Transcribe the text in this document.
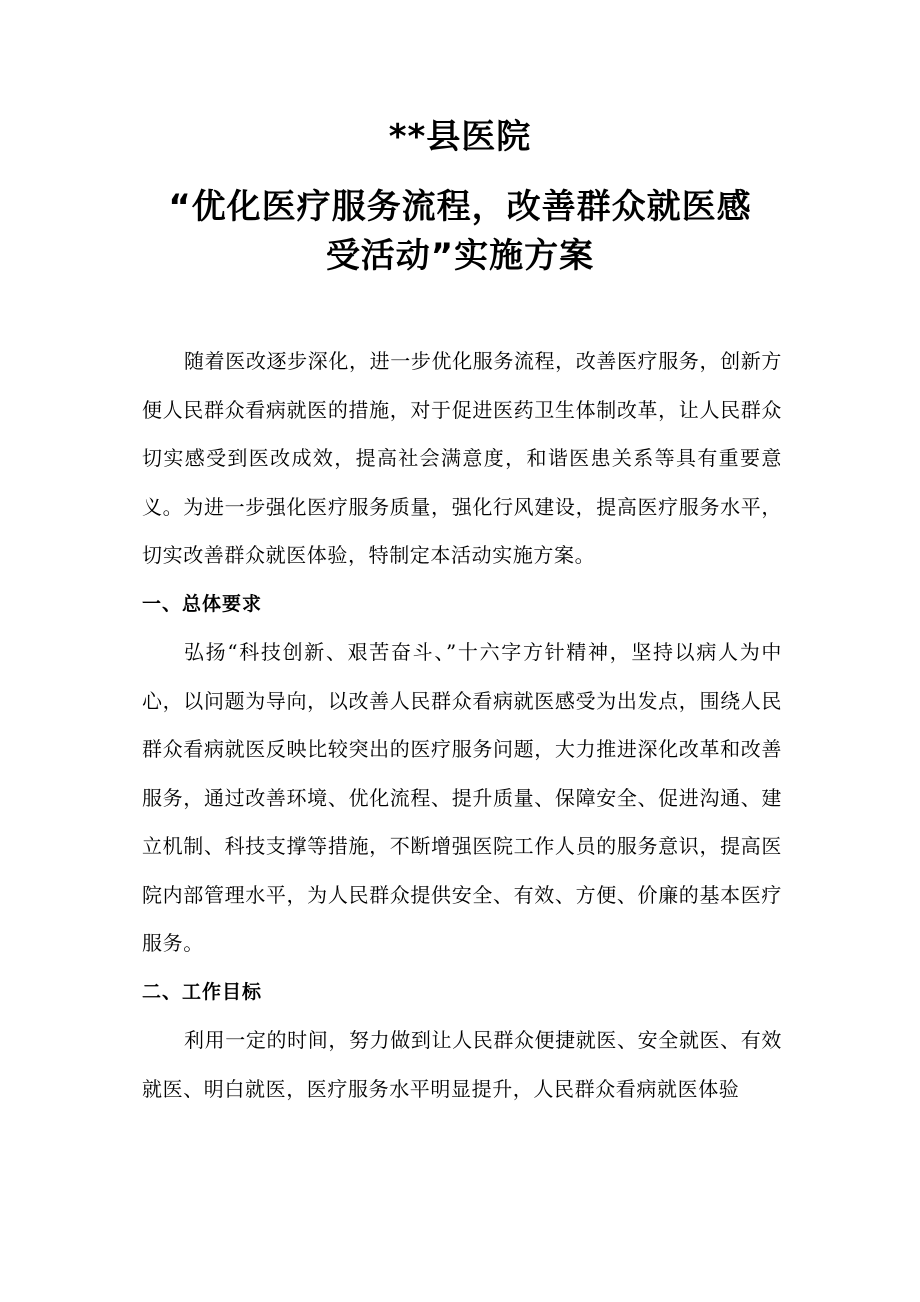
**县医院
“优化医疗服务流程，改善群众就医感
受活动”实施方案

随着医改逐步深化，进一步优化服务流程，改善医疗服务，创新方便人民群众看病就医的措施，对于促进医药卫生体制改革，让人民群众切实感受到医改成效，提高社会满意度，和谐医患关系等具有重要意义。为进一步强化医疗服务质量，强化行风建设，提高医疗服务水平，切实改善群众就医体验，特制定本活动实施方案。

一、总体要求

弘扬“科技创新、艰苦奋斗、”十六字方针精神，坚持以病人为中心，以问题为导向，以改善人民群众看病就医感受为出发点，围绕人民群众看病就医反映比较突出的医疗服务问题，大力推进深化改革和改善服务，通过改善环境、优化流程、提升质量、保障安全、促进沟通、建立机制、科技支撑等措施，不断增强医院工作人员的服务意识，提高医院内部管理水平，为人民群众提供安全、有效、方便、价廉的基本医疗服务。

二、工作目标

利用一定的时间，努力做到让人民群众便捷就医、安全就医、有效就医、明白就医，医疗服务水平明显提升，人民群众看病就医体验
